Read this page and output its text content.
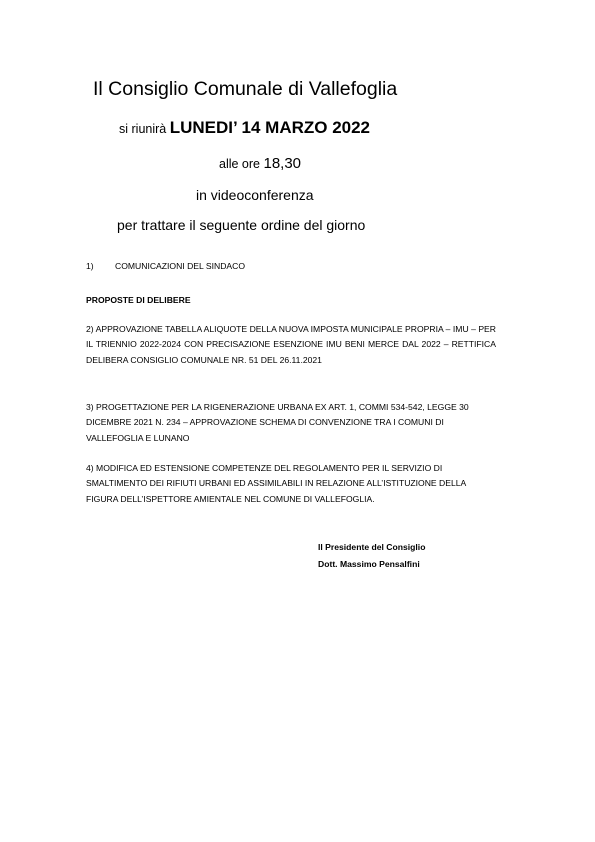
Il Consiglio Comunale di Vallefoglia
si riunirà LUNEDI’ 14 MARZO 2022
alle ore 18,30
in videoconferenza
per trattare il seguente ordine del giorno
1) COMUNICAZIONI DEL SINDACO
PROPOSTE DI DELIBERE
2) APPROVAZIONE TABELLA ALIQUOTE DELLA NUOVA IMPOSTA MUNICIPALE PROPRIA – IMU – PER IL TRIENNIO 2022-2024 CON PRECISAZIONE ESENZIONE IMU BENI MERCE DAL 2022 – RETTIFICA DELIBERA CONSIGLIO COMUNALE NR. 51 DEL 26.11.2021
3) PROGETTAZIONE PER LA RIGENERAZIONE URBANA EX ART. 1, COMMI 534-542, LEGGE 30 DICEMBRE 2021 N. 234 – APPROVAZIONE SCHEMA DI CONVENZIONE TRA I COMUNI DI VALLEFOGLIA E LUNANO
4) MODIFICA ED ESTENSIONE COMPETENZE DEL REGOLAMENTO PER IL SERVIZIO DI SMALTIMENTO DEI RIFIUTI URBANI ED ASSIMILABILI IN RELAZIONE ALL’ISTITUZIONE DELLA FIGURA DELL’ISPETTORE AMIENTALE NEL COMUNE DI VALLEFOGLIA.
Il Presidente del Consiglio
Dott. Massimo Pensalfini
